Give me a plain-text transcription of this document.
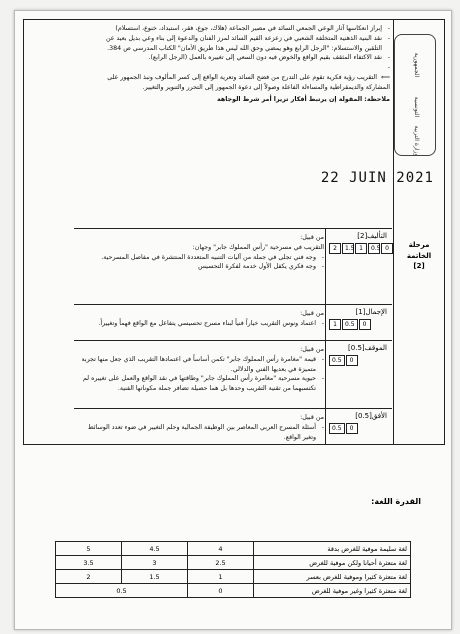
الجمهورية
التونسية
وزارة التربية
مرحلة
الخاتمة
[2]
22 JUIN 2021

- إبراز انعكاسها آثار الوعي الجمعي السائد في مصير الجماعة (هلاك، جوع، فقر، استبداد، خنوع، استسلام)

- نقد البنية الذهنية المتخلفة الشعبي في زعزعة القيم السائد لمرز الفنان والدعوة إلى بناء وعي بديل بعيد عن التلقين والاستسلام: "الرجل الرابع وهو يمضي وحق الله ليس هذا طريق الأمان" الكتاب المدرسي ص 384.

- نقد الاكتفاء المثقف بقيم الواقع والخوض فيه دون السعي إلى تغييره بالعمل (الرجل الرابع).

-

⟸التقريب رؤية فكرية تقوم على التدرج من فضح السائد وتعرية الواقع إلى كسر المألوف ونبذ الجمهور على المشاركة والديمقراطية والمساءلة الفاعلة وصولاً إلى دعوة الجمهور إلى التحرر والتنوير والتغيير.

ملاحظة: المقولة إن يرتبط أفكار تريرا أمر شرط الوجاهة

التأليف[2]
0
0.5
1
1.5
2
من قبيل:
التقريب في مسرحية "رأس المملوك جابر" وجهان:

- وجه فني تجلى في جملة من آليات التنبيه المتعددة المنتشرة في مفاصل المسرحية.

- وجه فكري يكفل الأول خدمة لفكرة التحسيس

الإجمال[1]
0
0.5
1
من قبيل:

- اعتماد ونوس التقريب خياراً فنياً لبناء مسرح تحسيسي يتفاعل مع الواقع فهماً وتغييراً.

الموقف[0.5]
0
0.5
من قبيل:

- قيمة "مغامرة رأس المملوك جابر" تكمن أساساً في اعتمادها التقريب الذي جعل منها تجربة متميزة في بعديها الفني والدلالي.

- حيوية مسرحية "مغامرة رأس المملوك جابر" وطاقتها في نقد الواقع والعمل على تغييره لم تكتسبهما من تقنية التقريب وحدها بل هما حصيلة تضافر جملة مكوناتها الفنية.

الأفق[0.5]
0
0.5
من قبيل:

- أسئلة المسرح العربي المعاصر بين الوظيفة الجمالية وحلم التغيير في ضوء تعدد الوسائط وتغير الواقع.

القدرة اللغة:
لغة سليمة موفية للغرض بدقة	4	4.5	5
لغة متعثرة أحيانا ولكن موفية للغرض	2.5	3	3.5
لغة متعثرة كثيرا وموفية للغرض بعسر	1	1.5	2
لغة متعثرة كثيرا وغير موفية للغرض	0	0.5	
